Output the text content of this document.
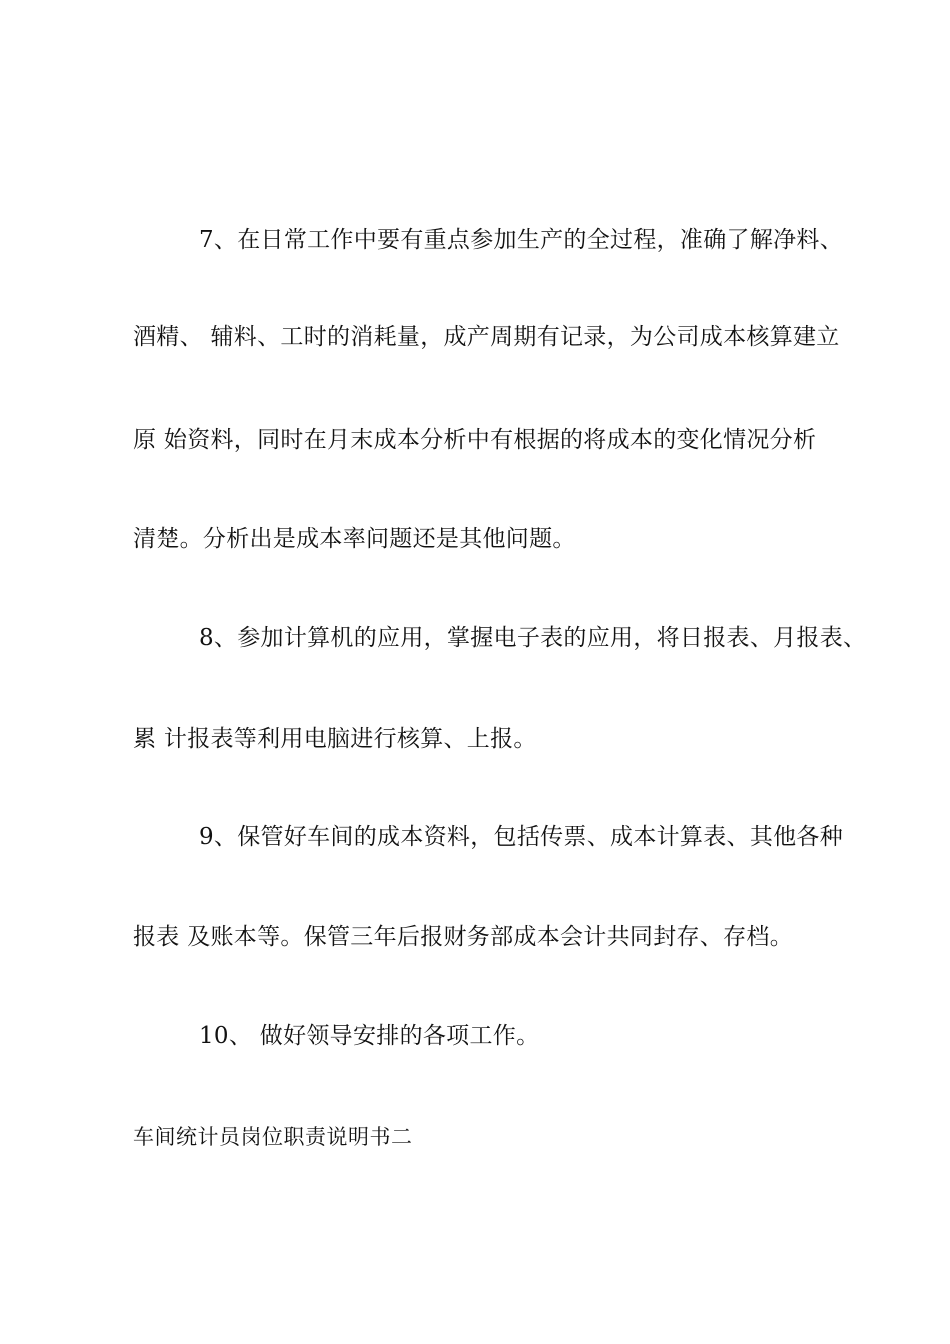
7、在日常工作中要有重点参加生产的全过程，准确了解净料、
酒精、 辅料、工时的消耗量，成产周期有记录，为公司成本核算建立
原 始资料，同时在月末成本分析中有根据的将成本的变化情况分析
清楚。分析出是成本率问题还是其他问题。
8、参加计算机的应用，掌握电子表的应用，将日报表、月报表、
累 计报表等利用电脑进行核算、上报。
9、保管好车间的成本资料，包括传票、成本计算表、其他各种
报表 及账本等。保管三年后报财务部成本会计共同封存、存档。
10、 做好领导安排的各项工作。
车间统计员岗位职责说明书二
